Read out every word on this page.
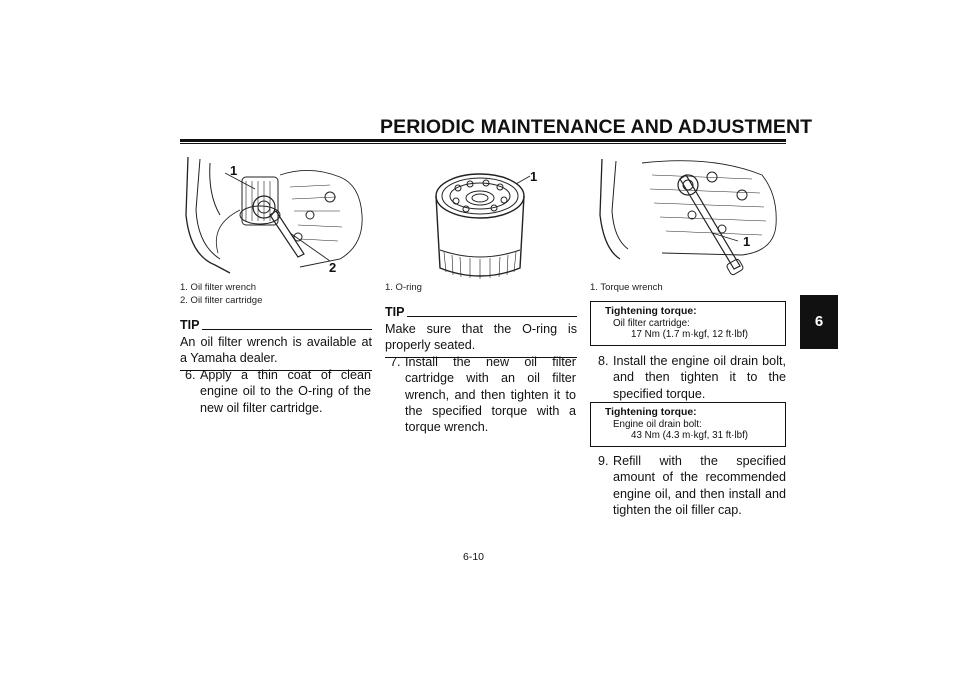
PERIODIC MAINTENANCE AND ADJUSTMENT
6
1
2
1. Oil filter wrench
2. Oil filter cartridge
1
1. O-ring
1
1. Torque wrench
TIP
An oil filter wrench is available at a Yamaha dealer.
6. Apply a thin coat of clean engine oil to the O-ring of the new oil filter cartridge.
TIP
Make sure that the O-ring is properly seated.
7. Install the new oil filter cartridge with an oil filter wrench, and then tighten it to the specified torque with a torque wrench.
Tightening torque:
Oil filter cartridge:
17 Nm (1.7 m·kgf, 12 ft·lbf)
8. Install the engine oil drain bolt, and then tighten it to the specified torque.
Tightening torque:
Engine oil drain bolt:
43 Nm (4.3 m·kgf, 31 ft·lbf)
9. Refill with the specified amount of the recommended engine oil, and then install and tighten the oil filler cap.
6-10
